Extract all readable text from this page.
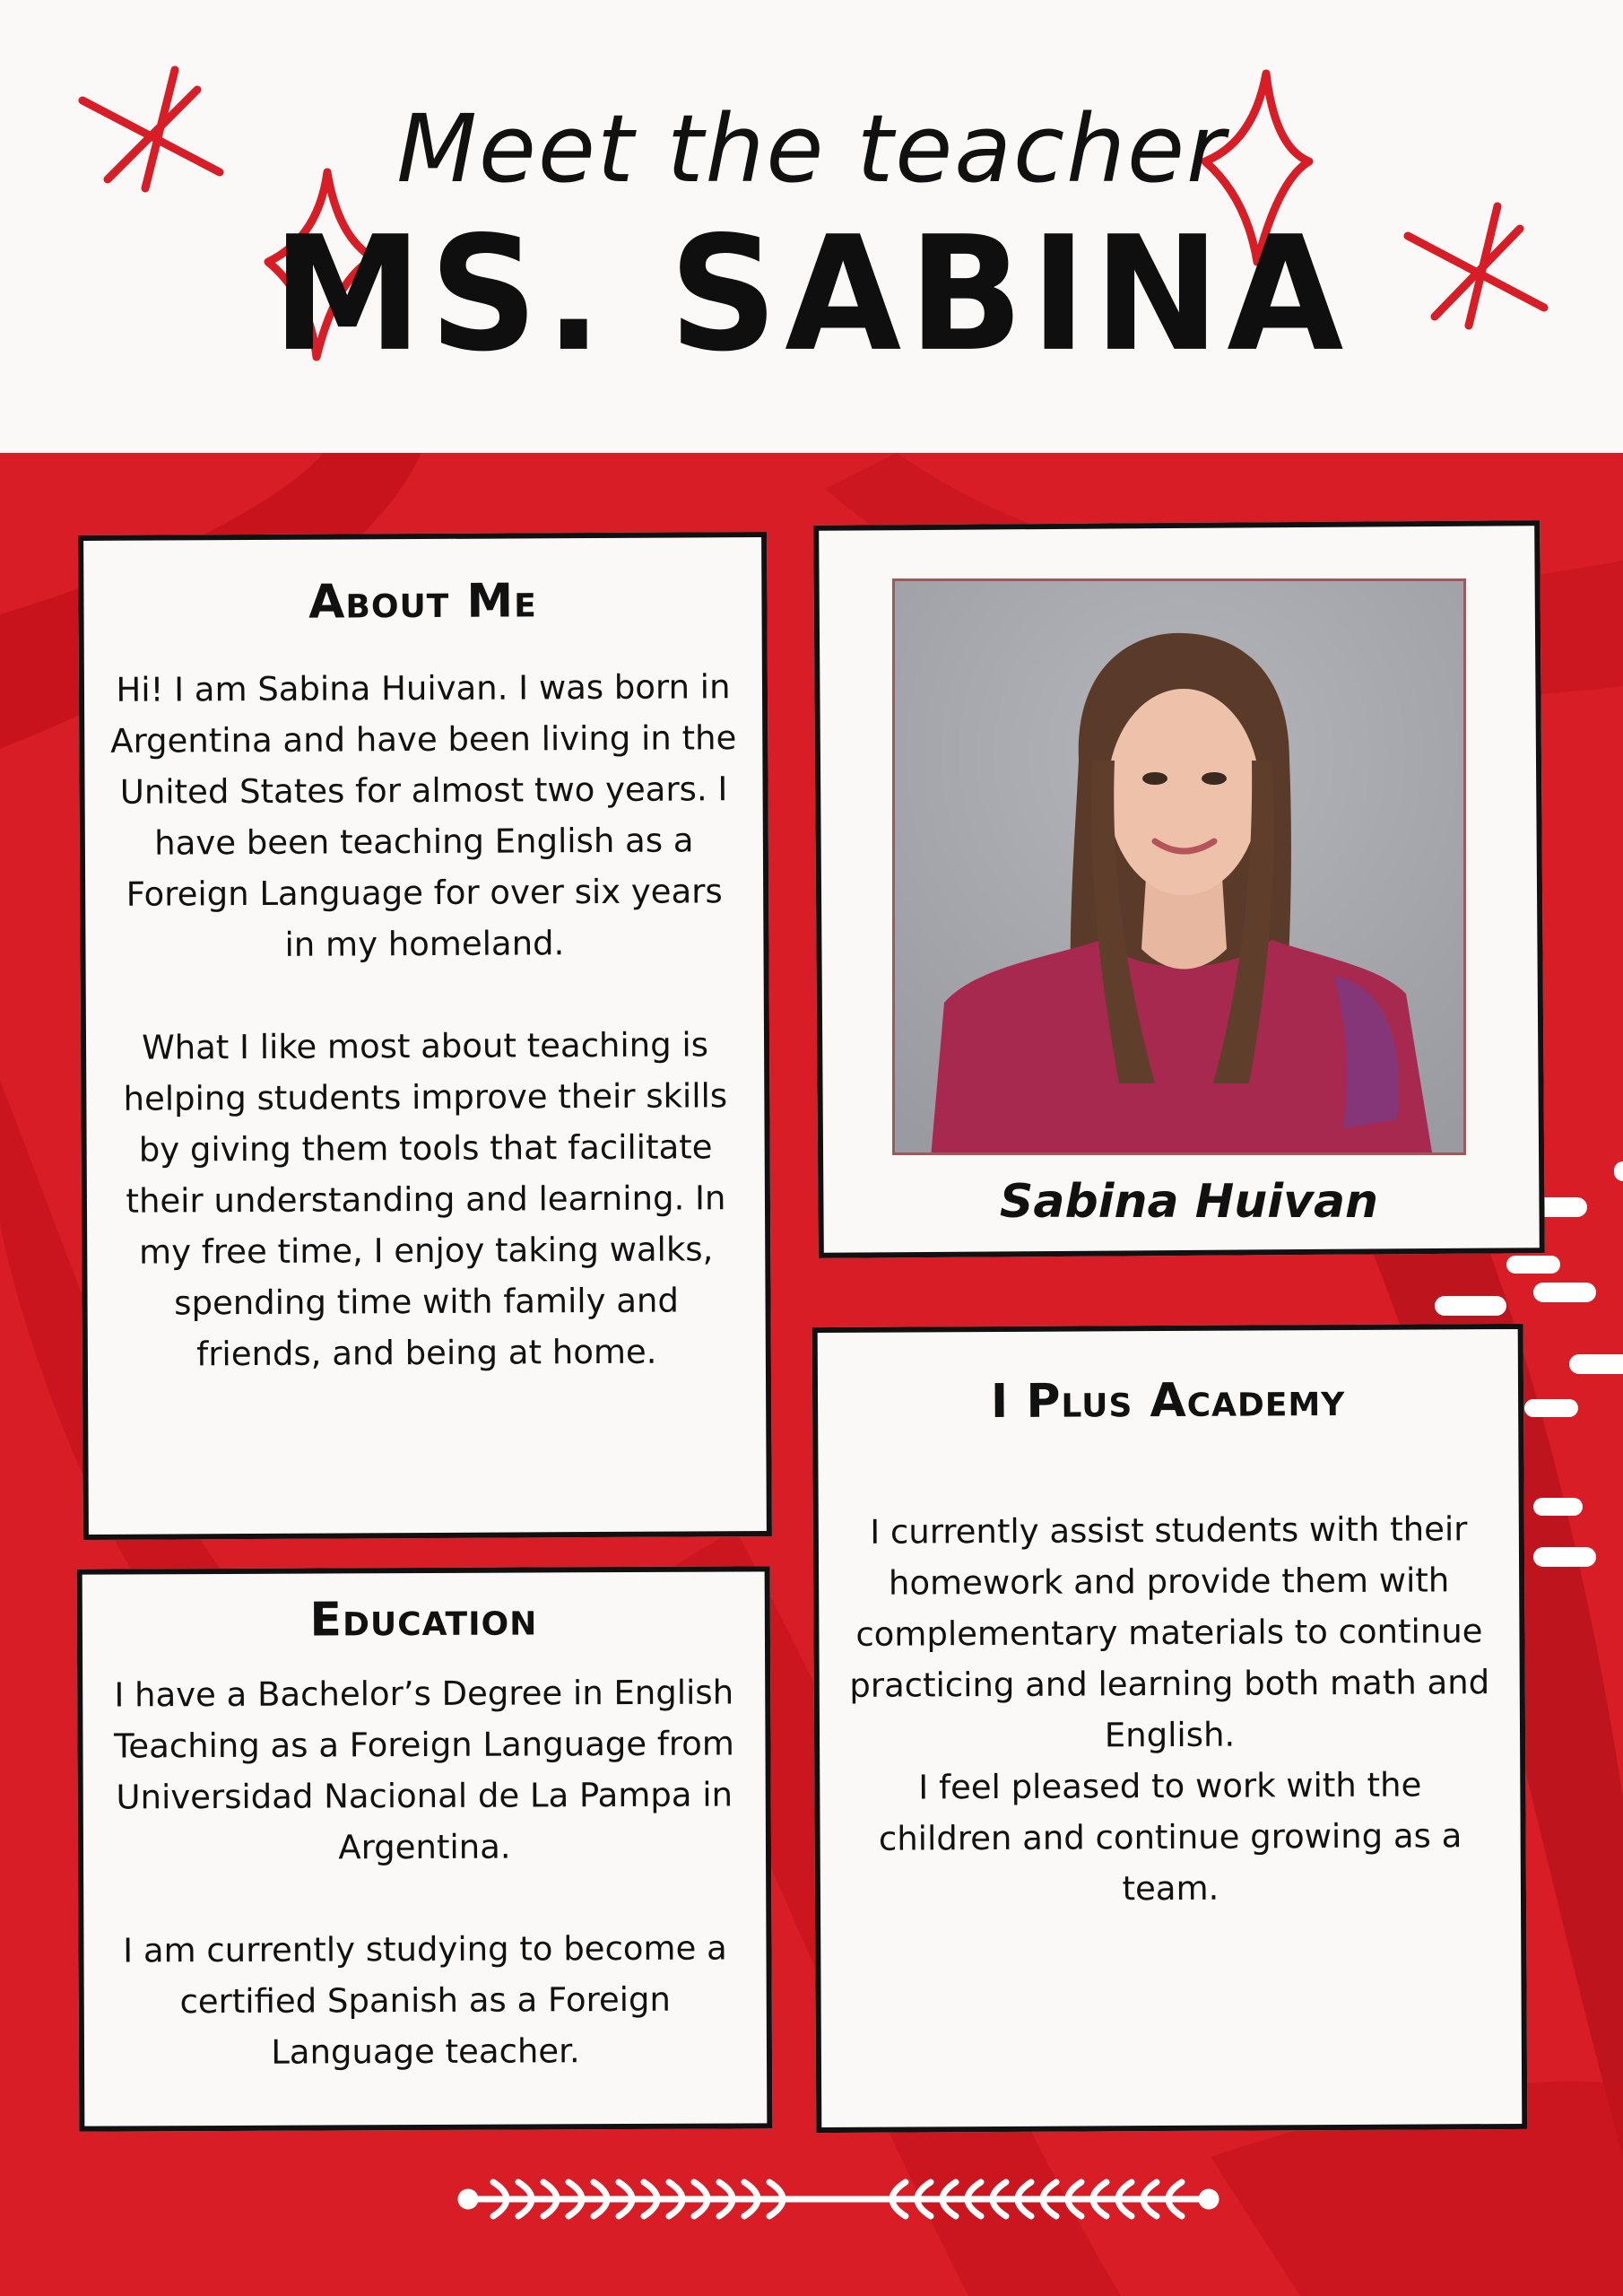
Meet the teacher
MS. SABINA
About Me
Hi! I am Sabina Huivan. I was born in
Argentina and have been living in the
United States for almost two years. I
have been teaching English as a
Foreign Language for over six years
in my homeland.

What I like most about teaching is
helping students improve their skills
by giving them tools that facilitate
their understanding and learning. In
my free time, I enjoy taking walks,
spending time with family and
friends, and being at home.
Sabina Huivan
Education
I have a Bachelor’s Degree in English
Teaching as a Foreign Language from
Universidad Nacional de La Pampa in
Argentina.

I am currently studying to become a
certified Spanish as a Foreign
Language teacher.
I Plus Academy
I currently assist students with their
homework and provide them with
complementary materials to continue
practicing and learning both math and
English.
I feel pleased to work with the
children and continue growing as a
team.
